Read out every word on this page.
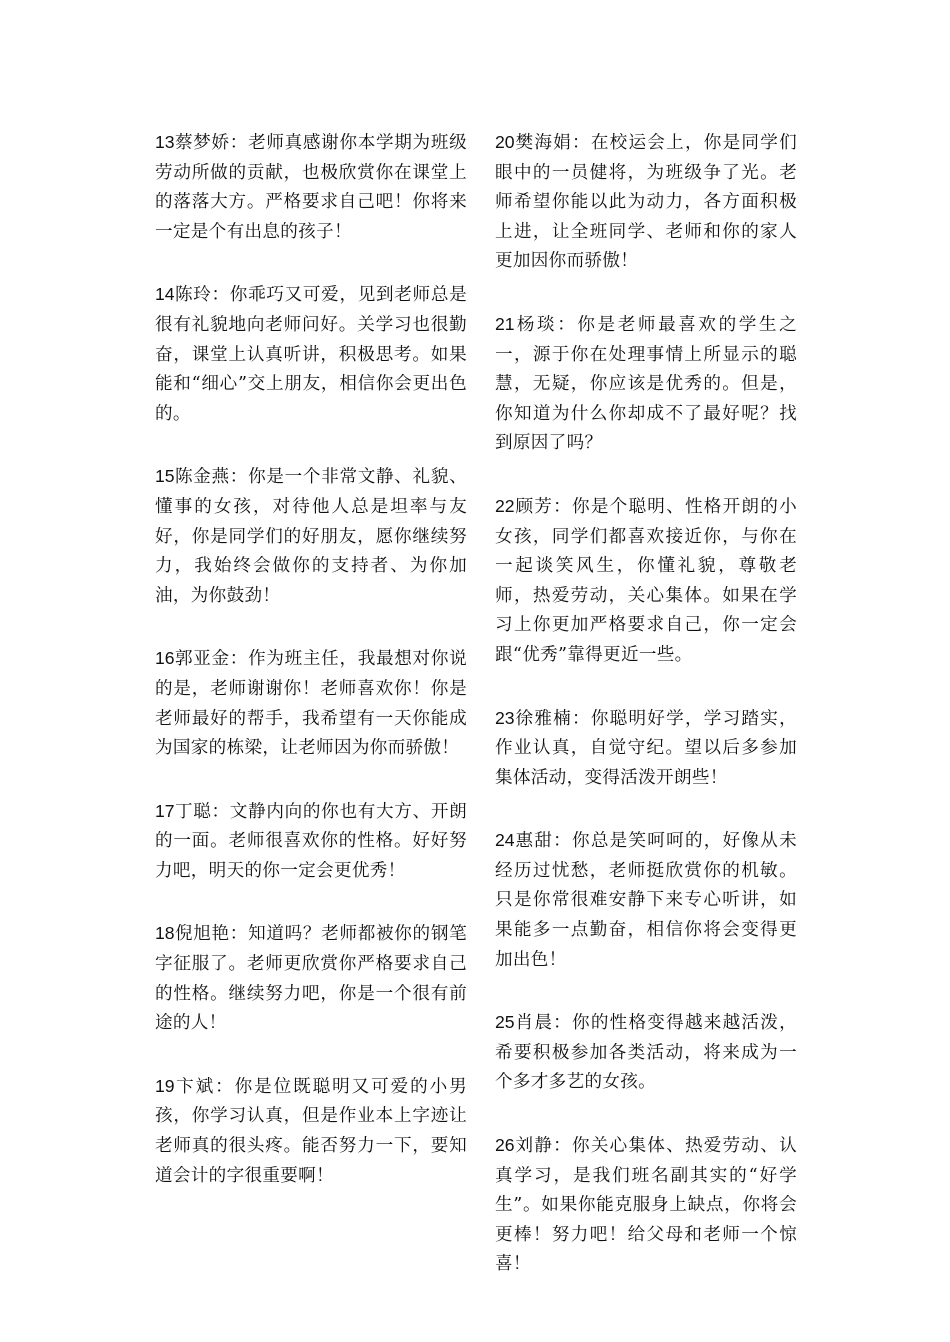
13蔡梦娇：老师真感谢你本学期为班级劳动所做的贡献，也极欣赏你在课堂上的落落大方。严格要求自己吧！你将来一定是个有出息的孩子！

14陈玲：你乖巧又可爱，见到老师总是很有礼貌地向老师问好。关学习也很勤奋，课堂上认真听讲，积极思考。如果能和“细心”交上朋友，相信你会更出色的。

15陈金燕：你是一个非常文静、礼貌、懂事的女孩，对待他人总是坦率与友好，你是同学们的好朋友，愿你继续努力，我始终会做你的支持者、为你加油，为你鼓劲！

16郭亚金：作为班主任，我最想对你说的是，老师谢谢你！老师喜欢你！你是老师最好的帮手，我希望有一天你能成为国家的栋梁，让老师因为你而骄傲！

17丁聪：文静内向的你也有大方、开朗的一面。老师很喜欢你的性格。好好努力吧，明天的你一定会更优秀！

18倪旭艳：知道吗？老师都被你的钢笔字征服了。老师更欣赏你严格要求自己的性格。继续努力吧，你是一个很有前途的人！

19卞斌：你是位既聪明又可爱的小男孩，你学习认真，但是作业本上字迹让老师真的很头疼。能否努力一下，要知道会计的字很重要啊！

20樊海娟：在校运会上，你是同学们眼中的一员健将，为班级争了光。老师希望你能以此为动力，各方面积极上进，让全班同学、老师和你的家人更加因你而骄傲！

21杨琰：你是老师最喜欢的学生之一，源于你在处理事情上所显示的聪慧，无疑，你应该是优秀的。但是，你知道为什么你却成不了最好呢？找到原因了吗？

22顾芳：你是个聪明、性格开朗的小女孩，同学们都喜欢接近你，与你在一起谈笑风生，你懂礼貌，尊敬老师，热爱劳动，关心集体。如果在学习上你更加严格要求自己，你一定会跟“优秀”靠得更近一些。

23徐雅楠：你聪明好学，学习踏实，作业认真，自觉守纪。望以后多参加集体活动，变得活泼开朗些！

24惠甜：你总是笑呵呵的，好像从未经历过忧愁，老师挺欣赏你的机敏。只是你常很难安静下来专心听讲，如果能多一点勤奋，相信你将会变得更加出色！

25肖晨：你的性格变得越来越活泼，希要积极参加各类活动，将来成为一个多才多艺的女孩。

26刘静：你关心集体、热爱劳动、认真学习，是我们班名副其实的“好学生”。如果你能克服身上缺点，你将会更棒！努力吧！给父母和老师一个惊喜！
